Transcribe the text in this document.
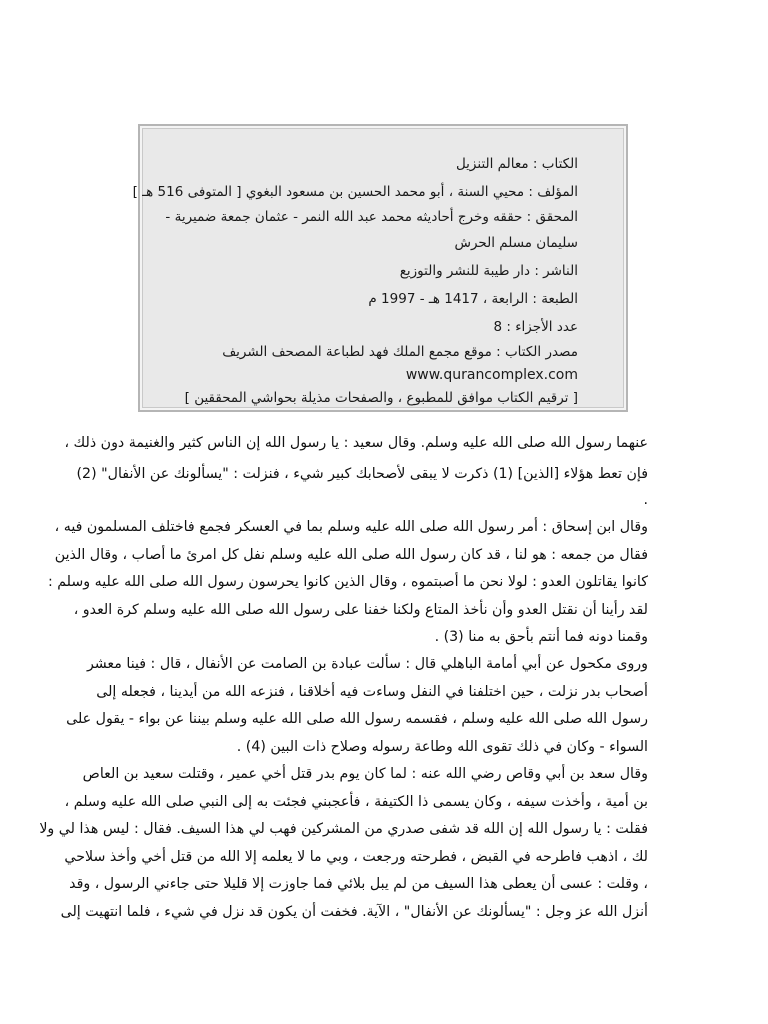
الكتاب : معالم التنزيل
المؤلف : محيي السنة ، أبو محمد الحسين بن مسعود البغوي [ المتوفى 516 هـ ]
المحقق : حققه وخرج أحاديثه محمد عبد الله النمر - عثمان جمعة ضميرية -
سليمان مسلم الحرش
الناشر : دار طيبة للنشر والتوزيع
الطبعة : الرابعة ، 1417 هـ - 1997 م
عدد الأجزاء : 8
مصدر الكتاب : موقع مجمع الملك فهد لطباعة المصحف الشريف
www.qurancomplex.com
[ ترقيم الكتاب موافق للمطبوع ، والصفحات مذيلة بحواشي المحققين ]
عنهما رسول الله صلى الله عليه وسلم. وقال سعيد : يا رسول الله إن الناس كثير والغنيمة دون ذلك ،
فإن تعط هؤلاء [الذين] (1) ذكرت لا يبقى لأصحابك كبير شيء ، فنزلت : "يسألونك عن الأنفال" (2)
.
وقال ابن إسحاق : أمر رسول الله صلى الله عليه وسلم بما في العسكر فجمع فاختلف المسلمون فيه ،
فقال من جمعه : هو لنا ، قد كان رسول الله صلى الله عليه وسلم نفل كل امرئ ما أصاب ، وقال الذين
كانوا يقاتلون العدو : لولا نحن ما أصبتموه ، وقال الذين كانوا يحرسون رسول الله صلى الله عليه وسلم :
لقد رأينا أن نقتل العدو وأن نأخذ المتاع ولكنا خفنا على رسول الله صلى الله عليه وسلم كرة العدو ،
وقمنا دونه فما أنتم بأحق به منا (3) .
وروى مكحول عن أبي أمامة الباهلي قال : سألت عبادة بن الصامت عن الأنفال ، قال : فينا معشر
أصحاب بدر نزلت ، حين اختلفنا في النفل وساءت فيه أخلاقنا ، فنزعه الله من أيدينا ، فجعله إلى
رسول الله صلى الله عليه وسلم ، فقسمه رسول الله صلى الله عليه وسلم بيننا عن بواء - يقول على
السواء - وكان في ذلك تقوى الله وطاعة رسوله وصلاح ذات البين (4) .
وقال سعد بن أبي وقاص رضي الله عنه : لما كان يوم بدر قتل أخي عمير ، وقتلت سعيد بن العاص
بن أمية ، وأخذت سيفه ، وكان يسمى ذا الكتيفة ، فأعجبني فجئت به إلى النبي صلى الله عليه وسلم ،
فقلت : يا رسول الله إن الله قد شفى صدري من المشركين فهب لي هذا السيف. فقال : ليس هذا لي ولا
لك ، اذهب فاطرحه في القبض ، فطرحته ورجعت ، وبي ما لا يعلمه إلا الله من قتل أخي وأخذ سلاحي
، وقلت : عسى أن يعطى هذا السيف من لم يبل بلائي فما جاوزت إلا قليلا حتى جاءني الرسول ، وقد
أنزل الله عز وجل : "يسألونك عن الأنفال" ، الآية. فخفت أن يكون قد نزل في شيء ، فلما انتهيت إلى
